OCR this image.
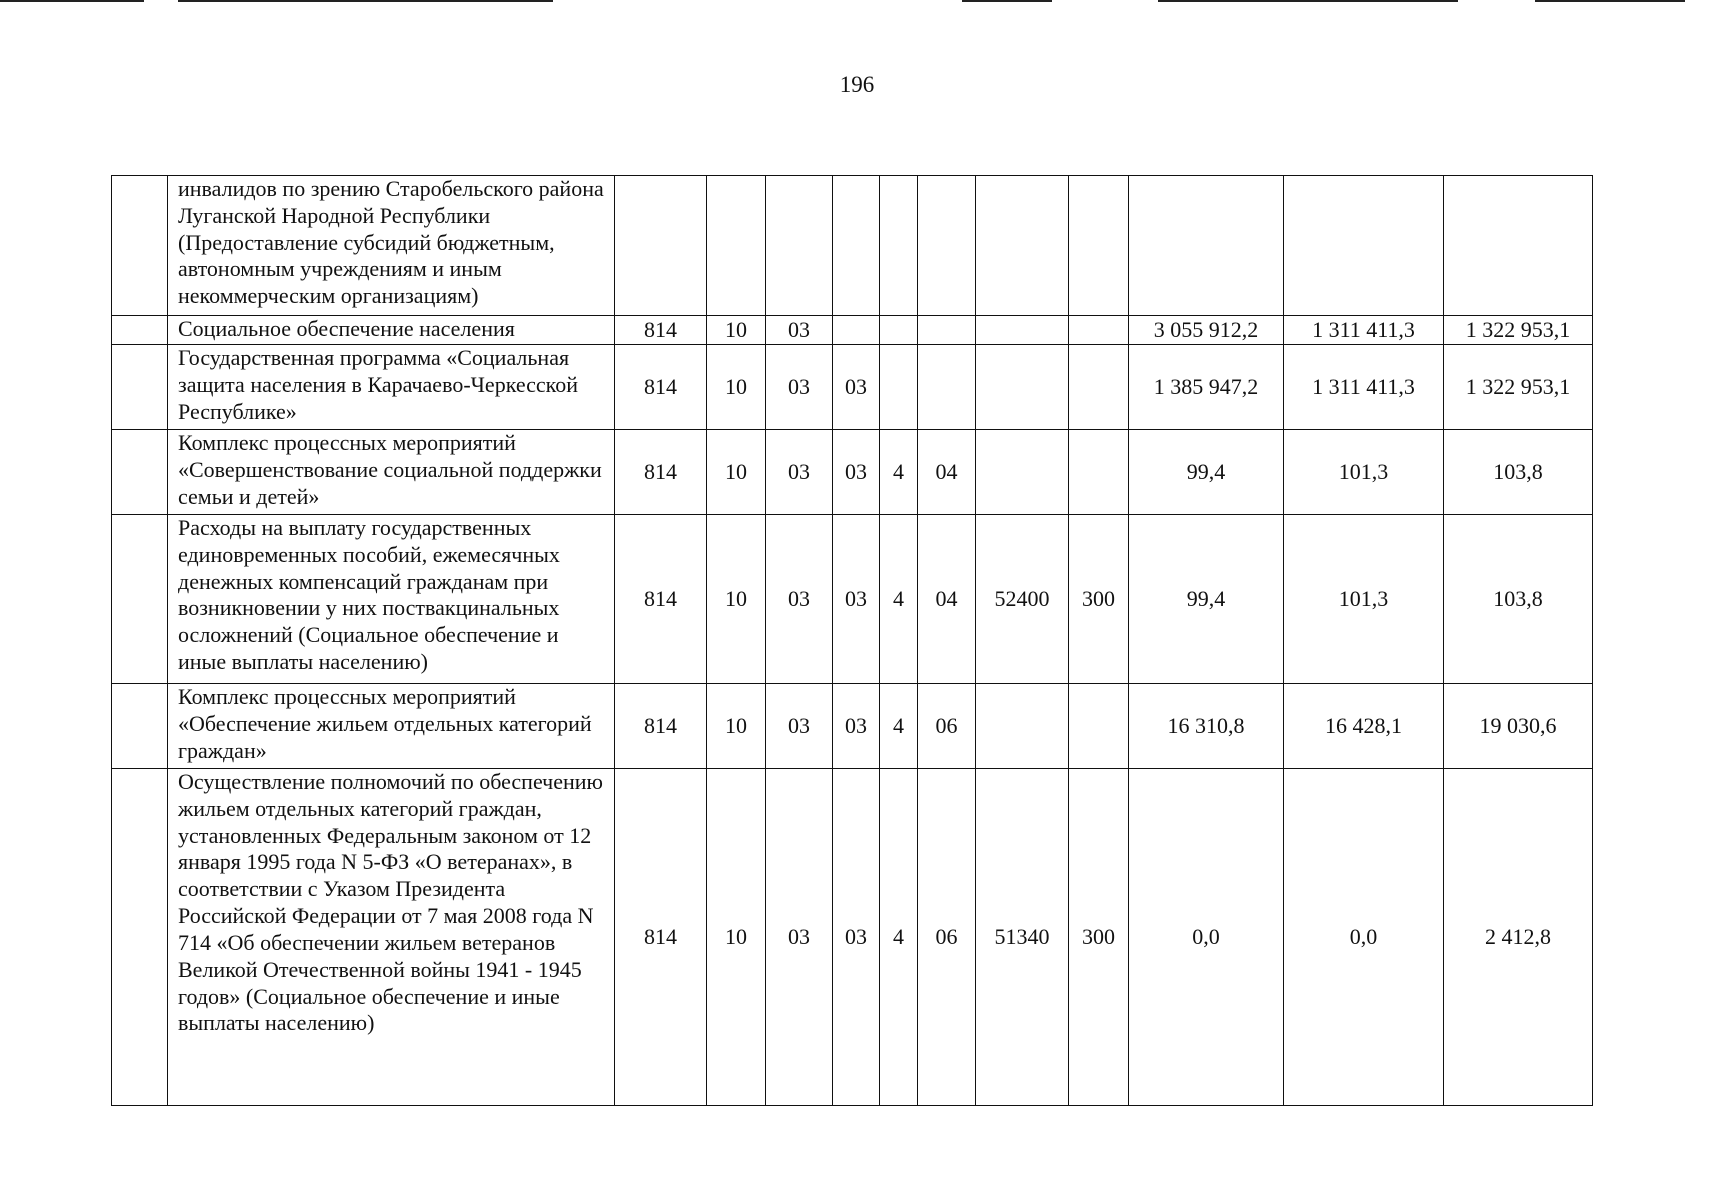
196
	инвалидов по зрению Старобельского района Луганской Народной Республики (Предоставление субсидий бюджетным, автономным учреждениям и иным некоммерческим организациям)											
	Социальное обеспечение населения	814	10	03						3 055 912,2	1 311 411,3	1 322 953,1
	Государственная программа «Социальная защита населения в Карачаево-Черкесской Республике»	814	10	03	03					1 385 947,2	1 311 411,3	1 322 953,1
	Комплекс процессных мероприятий «Совершенствование социальной поддержки семьи и детей»	814	10	03	03	4	04			99,4	101,3	103,8
	Расходы на выплату государственных единовременных пособий, ежемесячных денежных компенсаций гражданам при возникновении у них поствакцинальных осложнений (Социальное обеспечение и иные выплаты населению)	814	10	03	03	4	04	52400	300	99,4	101,3	103,8
	Комплекс процессных мероприятий «Обеспечение жильем отдельных категорий граждан»	814	10	03	03	4	06			16 310,8	16 428,1	19 030,6
	Осуществление полномочий по обеспечению жильем отдельных категорий граждан, установленных Федеральным законом от 12 января 1995 года N 5-ФЗ «О ветеранах», в соответствии с Указом Президента Российской Федерации от 7 мая 2008 года N 714 «Об обеспечении жильем ветеранов Великой Отечественной войны 1941 - 1945 годов» (Социальное обеспечение и иные выплаты населению)	814	10	03	03	4	06	51340	300	0,0	0,0	2 412,8
